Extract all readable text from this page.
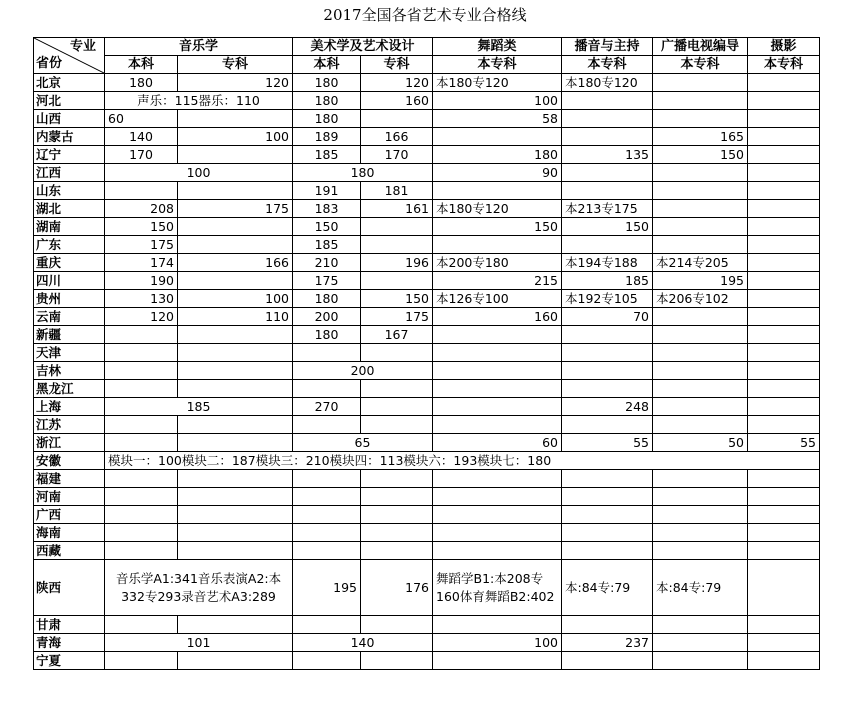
2017全国各省艺术专业合格线
专业
省份	音乐学		美术学及艺术设计		舞蹈类	播音与主持	广播电视编导	摄影
	本科	专科	本科	专科	本专科	本专科	本专科	本专科
北京	180	120	180	120	本180专120	本180专120		
河北	声乐：115器乐：110		180	160	100			
山西	60		180		58			
内蒙古	140	100	189	166			165	
辽宁	170		185	170	180	135	150	
江西	100		180		90			
山东			191	181				
湖北	208	175	183	161	本180专120	本213专175		
湖南	150		150		150	150		
广东	175		185					
重庆	174	166	210	196	本200专180	本194专188	本214专205	
四川	190		175		215	185	195	
贵州	130	100	180	150	本126专100	本192专105	本206专102	
云南	120	110	200	175	160	70		
新疆			180	167				
天津								
吉林			200					
黑龙江								
上海	185		270			248		
江苏								
浙江			65		60	55	50	55
安徽	模块一：100模块二：187模块三：210模块四：113模块六：193模块七：180							
福建								
河南								
广西								
海南								
西藏								
陕西	音乐学A1:341音乐表演A2:本332专293录音艺术A3:289		195	176	舞蹈学B1:本208专160体育舞蹈B2:402	本:84专:79	本:84专:79	
甘肃								
青海	101		140		100	237		
宁夏								
